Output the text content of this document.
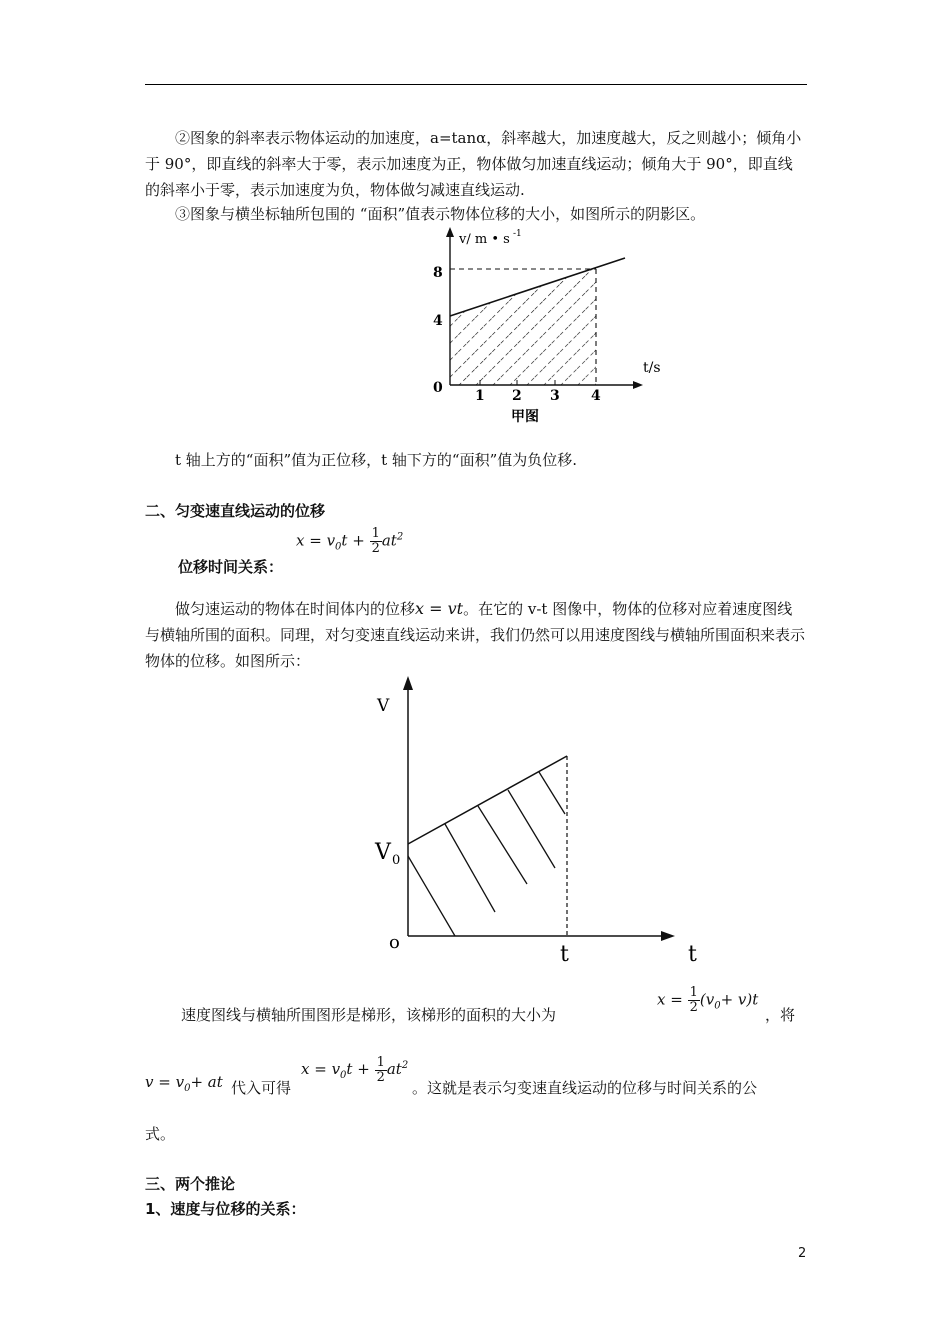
②图象的斜率表示物体运动的加速度，a=tanα，斜率越大，加速度越大，反之则越小；倾角小于 90°，即直线的斜率大于零，表示加速度为正，物体做匀加速直线运动；倾角大于 90°，即直线的斜率小于零，表示加速度为负，物体做匀减速直线运动.

③图象与横坐标轴所包围的 “面积”值表示物体位移的大小，如图所示的阴影区。

v/ m • s -1
t/s
0
4
8
1 2 3 4
甲图

t 轴上方的“面积”值为正位移，t 轴下方的“面积”值为负位移.

二、匀变速直线运动的位移

$x = v_0t + \frac{1}{2} at^2$

位移时间关系：

做匀速运动的物体在时间体内的位移x = vt。在它的 v-t 图像中，物体的位移对应着速度图线与横轴所围的面积。同理，对匀变速直线运动来讲，我们仍然可以用速度图线与横轴所围面积来表示物体的位移。如图所示：
V
V 0
o	t	t
速度图线与横轴所围图形是梯形，该梯形的面积的大小为
$x = \frac{1}{2} (v_0+ v)t$
，将
$v = v_0+$ at 代入可得
$x = v_0t + \frac{1}{2} at^2$
。这就是表示匀变速直线运动的位移与时间关系的公

式。

三、两个推论

1、速度与位移的关系：

2
